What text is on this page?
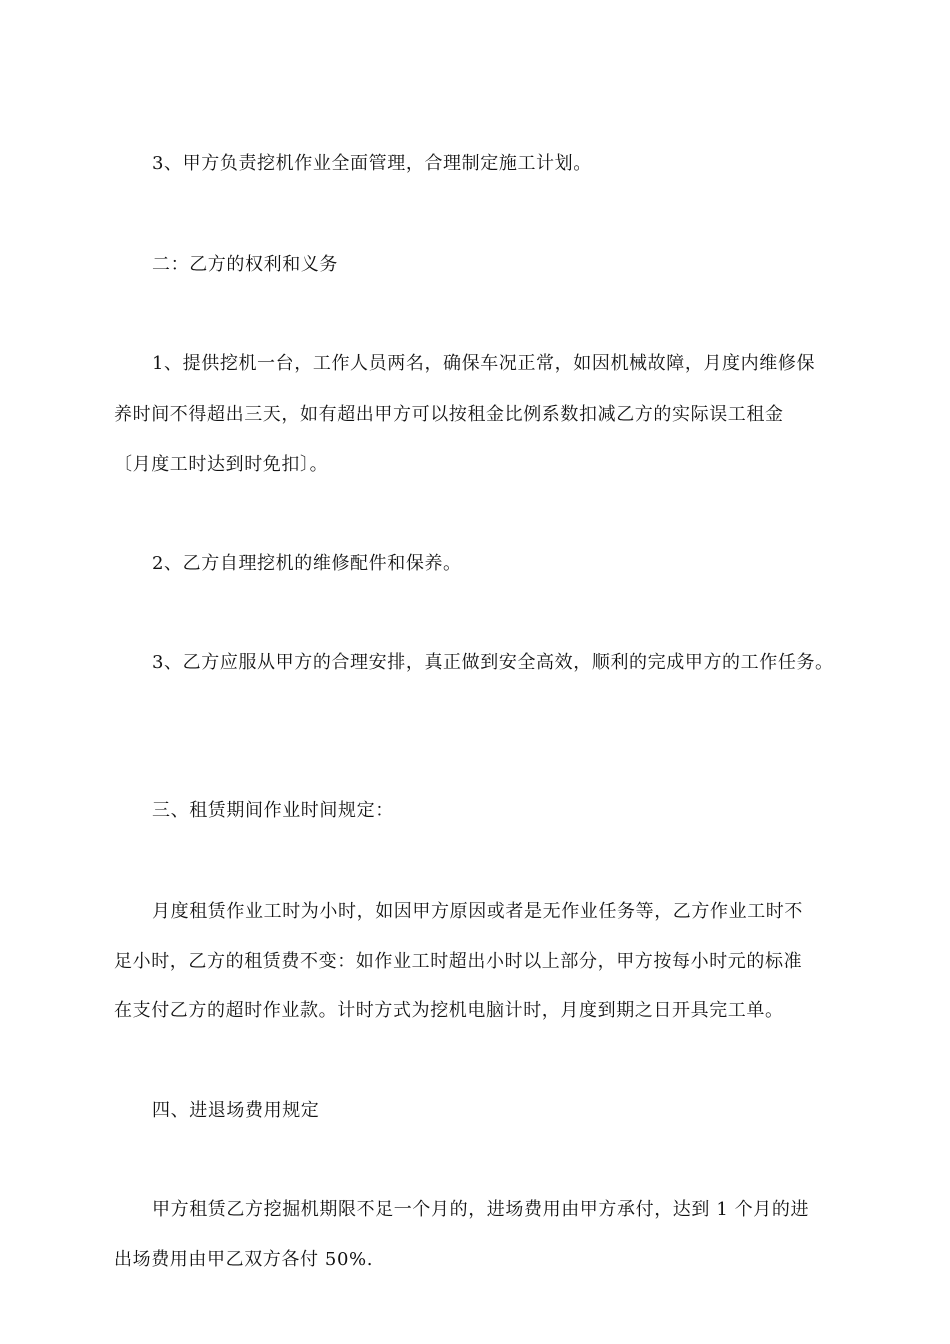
3、甲方负责挖机作业全面管理，合理制定施工计划。
二：乙方的权利和义务
1、提供挖机一台，工作人员两名，确保车况正常，如因机械故障，月度内维修保
养时间不得超出三天，如有超出甲方可以按租金比例系数扣减乙方的实际误工租金
〔月度工时达到时免扣〕。
2、乙方自理挖机的维修配件和保养。
3、乙方应服从甲方的合理安排，真正做到安全高效，顺利的完成甲方的工作任务。
三、租赁期间作业时间规定：
月度租赁作业工时为小时，如因甲方原因或者是无作业任务等，乙方作业工时不
足小时，乙方的租赁费不变：如作业工时超出小时以上部分，甲方按每小时元的标准
在支付乙方的超时作业款。计时方式为挖机电脑计时，月度到期之日开具完工单。
四、进退场费用规定
甲方租赁乙方挖掘机期限不足一个月的，进场费用由甲方承付，达到 1 个月的进
出场费用由甲乙双方各付 50%.
